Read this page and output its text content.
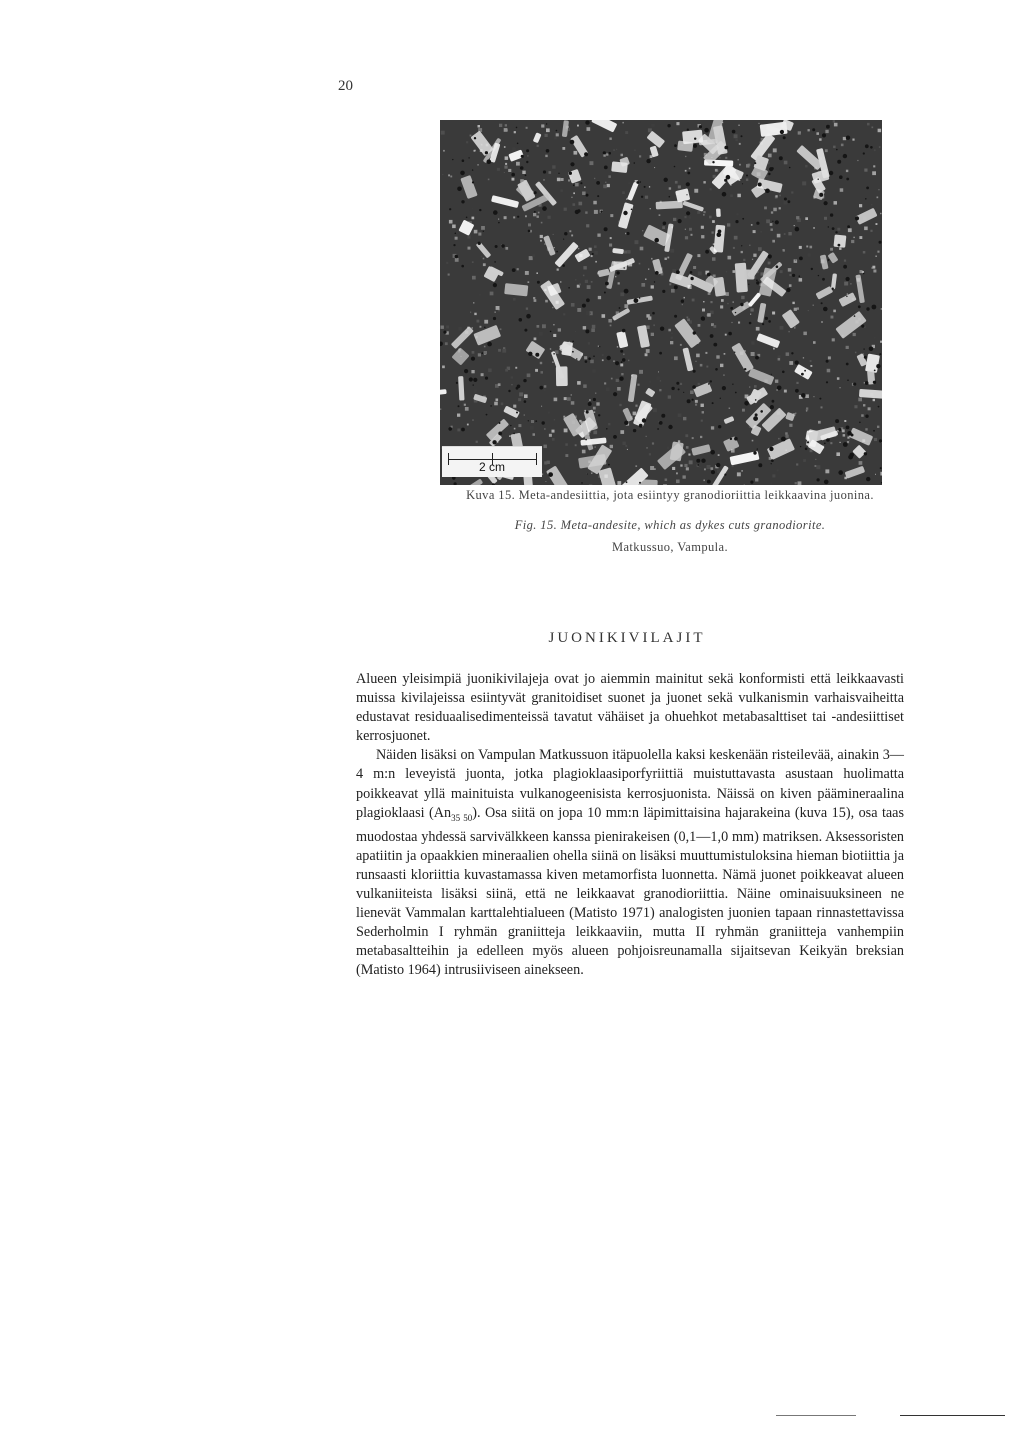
20
2 cm
Kuva 15. Meta-andesiittia, jota esiintyy granodioriittia leikkaavina juonina.
Fig. 15. Meta-andesite, which as dykes cuts granodiorite.
Matkussuo, Vampula.
JUONIKIVILAJIT

Alueen yleisimpiä juonikivilajeja ovat jo aiemmin mainitut sekä konformisti että leikkaavasti muissa kivilajeissa esiintyvät granitoidiset suonet ja juonet sekä vulkanismin varhaisvaiheitta edustavat residuaalisedimenteissä tavatut vähäiset ja ohuehkot metabasalttiset tai -andesiittiset kerrosjuonet.

Näiden lisäksi on Vampulan Matkussuon itäpuolella kaksi keskenään risteilevää, ainakin 3—4 m:n leveyistä juonta, jotka plagioklaasiporfyriittiä muistuttavasta asustaan huolimatta poikkeavat yllä mainituista vulkanogeenisista kerrosjuonista. Näissä on kiven päämineraalina plagioklaasi $(An_{35 50})$. Osa siitä on jopa 10 mm:n läpimittaisina hajarakeina (kuva 15), osa taas muodostaa yhdessä sarvivälkkeen kanssa pienirakeisen (0,1—1,0 mm) matriksen. Aksessoristen apatiitin ja opaakkien mineraalien ohella siinä on lisäksi muuttumistuloksina hieman biotiittia ja runsaasti kloriittia kuvastamassa kiven metamorfista luonnetta. Nämä juonet poikkeavat alueen vulkaniiteista lisäksi siinä, että ne leikkaavat granodioriittia. Näine ominaisuuksineen ne lienevät Vammalan karttalehtialueen (Matisto 1971) analogisten juonien tapaan rinnastettavissa Sederholmin I ryhmän graniitteja leikkaaviin, mutta II ryhmän graniitteja vanhempiin metabasaltteihin ja edelleen myös alueen pohjoisreunamalla sijaitsevan Keikyän breksian (Matisto 1964) intrusiiviseen ainekseen.
